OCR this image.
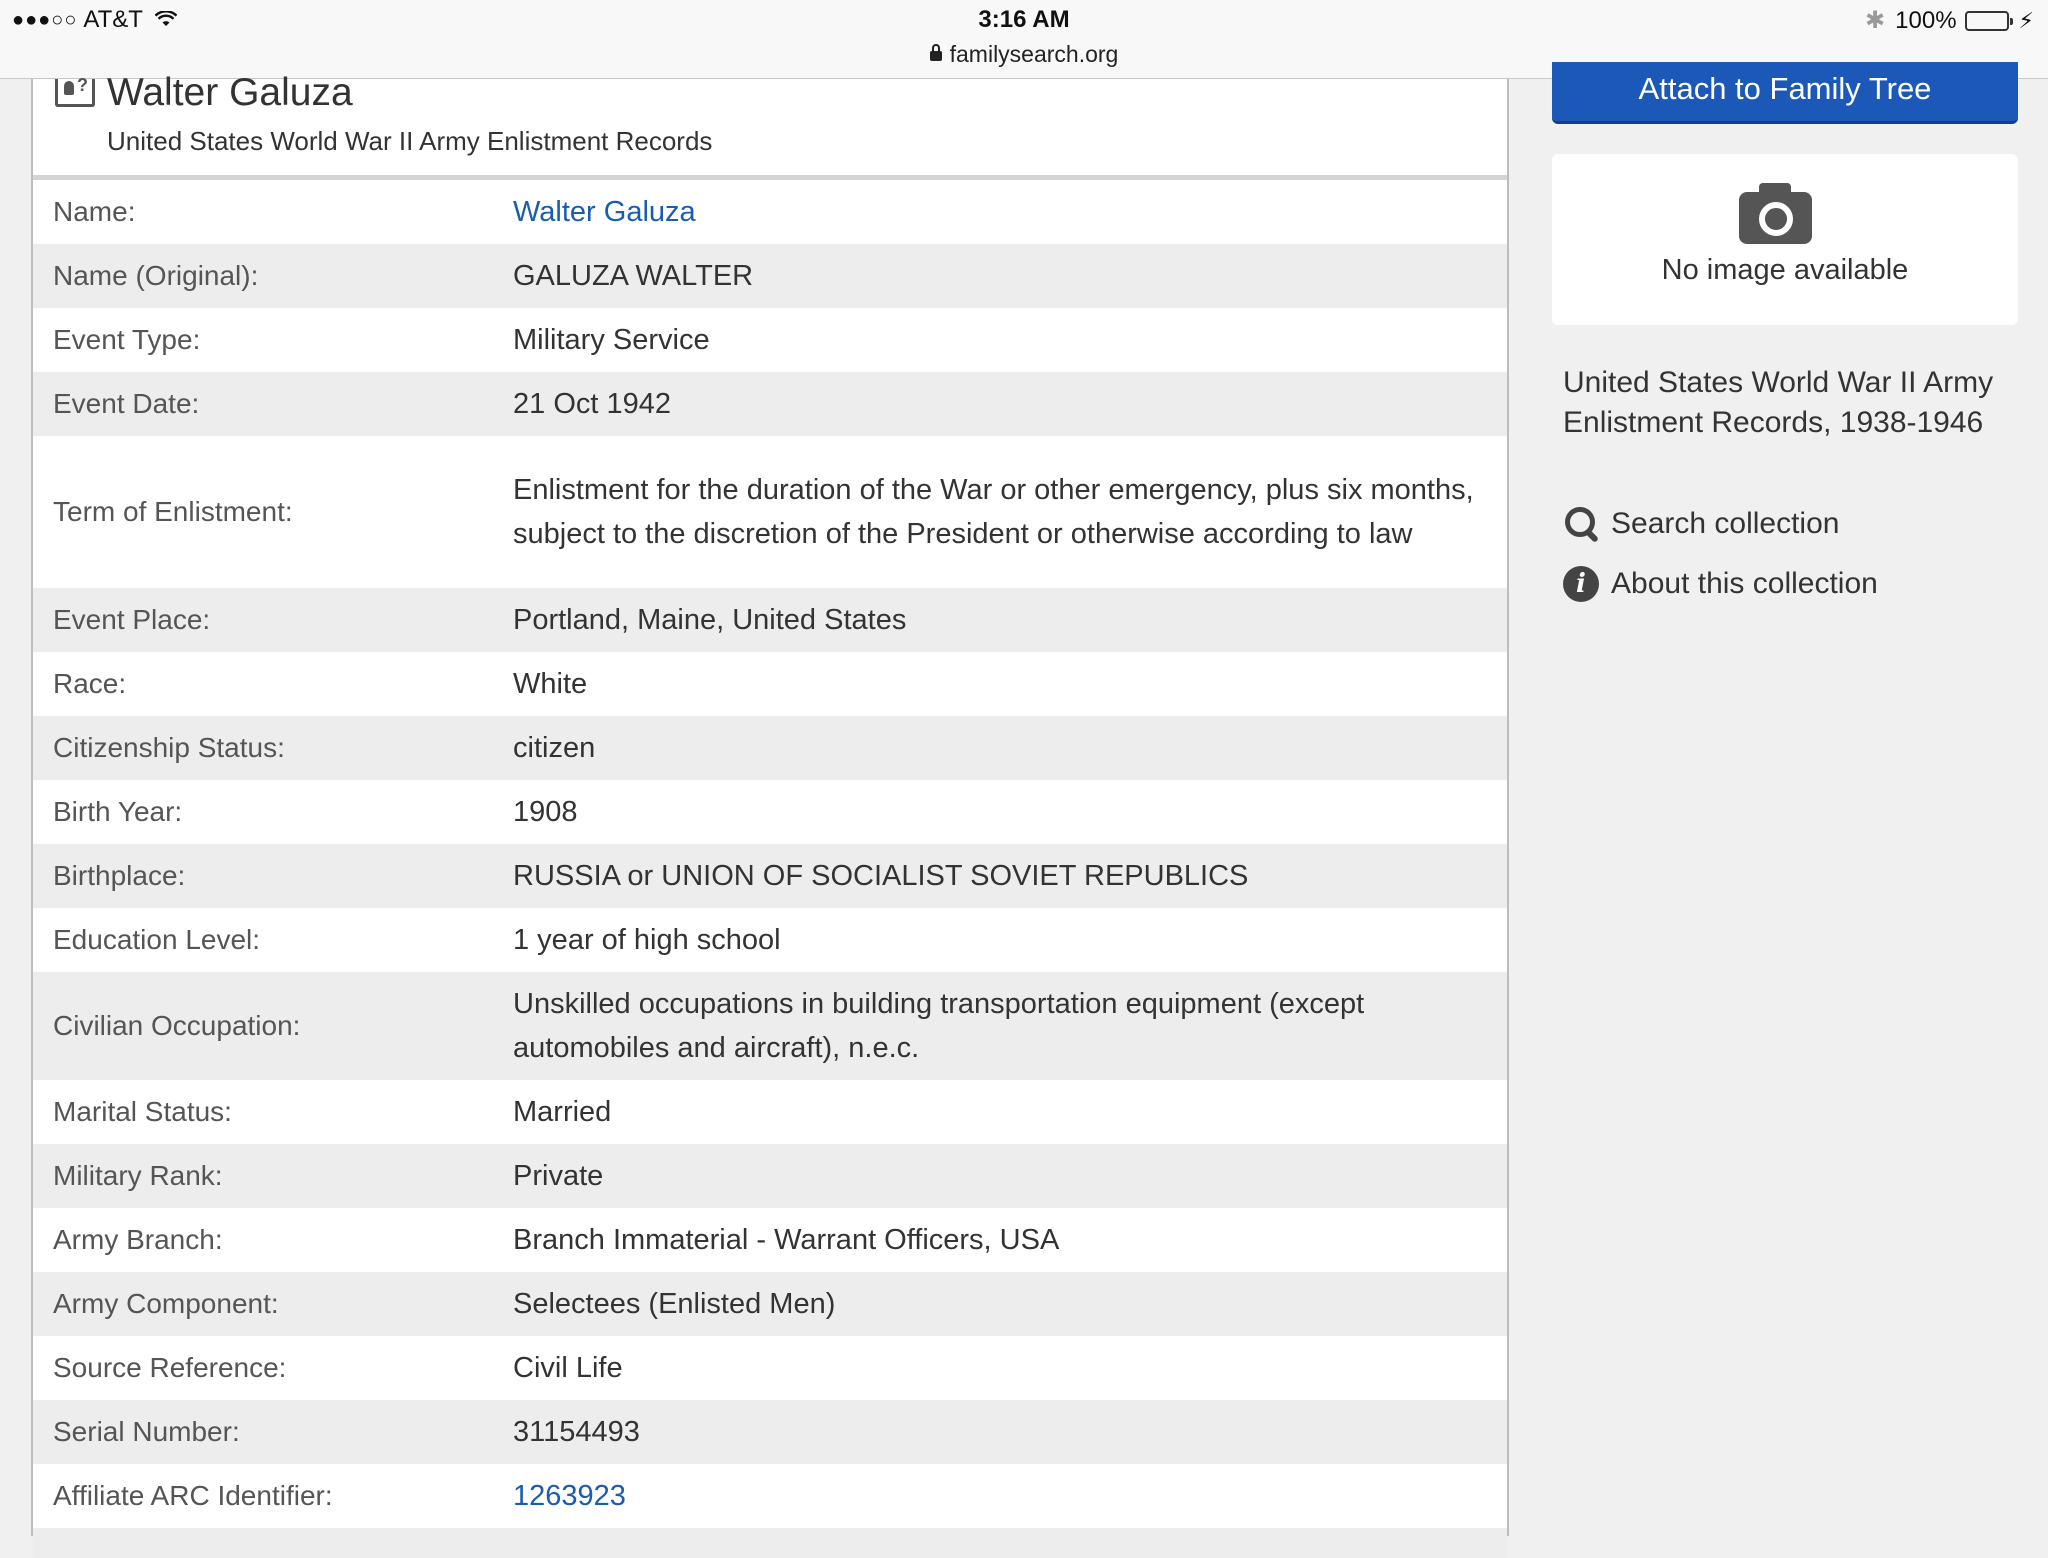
●●●○○ AT&T	3:16 AM
familysearch.org
✱ 100%	⚡
?
Walter Galuza
United States World War II Army Enlistment Records
Name:	Walter Galuza
Name (Original):	GALUZA WALTER
Event Type:	Military Service
Event Date:	21 Oct 1942
Term of Enlistment:
Enlistment for the duration of the War or other emergency, plus six months, subject to the discretion of the President or otherwise according to law
Event Place:	Portland, Maine, United States
Race:	White
Citizenship Status:	citizen
Birth Year:	1908
Birthplace:	RUSSIA or UNION OF SOCIALIST SOVIET REPUBLICS
Education Level:	1 year of high school
Civilian Occupation:
Unskilled occupations in building transportation equipment (except automobiles and aircraft), n.e.c.
Marital Status:	Married
Military Rank:	Private
Army Branch:	Branch Immaterial - Warrant Officers, USA
Army Component:	Selectees (Enlisted Men)
Source Reference:	Civil Life
Serial Number:	31154493
Affiliate ARC Identifier:	1263923
Attach to Family Tree
No image available
United States World War II Army Enlistment Records, 1938-1946
Search collection
i About this collection
